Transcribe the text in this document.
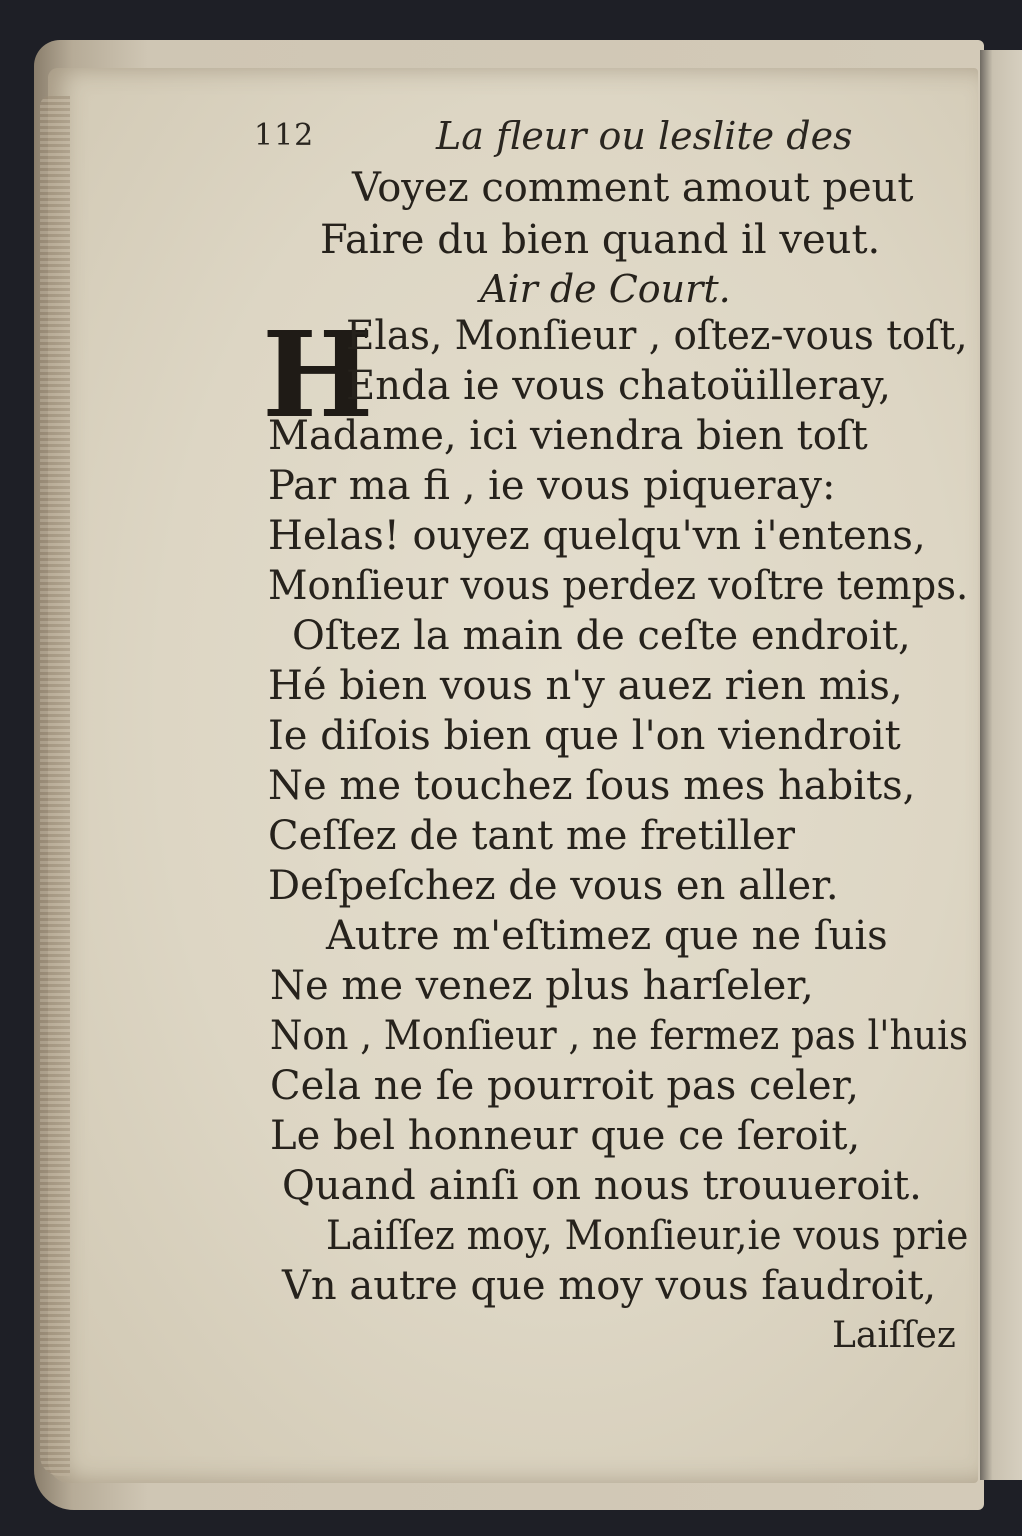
112	La fleur ou leslite des
Voyez comment amout peut
Faire du bien quand il veut.
Air de Court.
H
Elas, Monſieur , oſtez-vous toſt,
Enda ie vous chatoüilleray,
Madame, ici viendra bien toſt
Par ma fi , ie vous piqueray:
Helas! ouyez quelqu'vn i'entens,
Monſieur vous perdez voſtre temps.
Oſtez la main de ceſte endroit,
Hé bien vous n'y auez rien mis,
Ie diſois bien que l'on viendroit
Ne me touchez ſous mes habits,
Ceſſez de tant me fretiller
Deſpeſchez de vous en aller.
Autre m'eſtimez que ne ſuis
Ne me venez plus harſeler,
Non , Monſieur , ne fermez pas l'huis
Cela ne ſe pourroit pas celer,
Le bel honneur que ce ſeroit,
Quand ainſi on nous trouueroit.
Laiſſez moy, Monſieur,ie vous prie
Vn autre que moy vous faudroit,
Laiſſez
